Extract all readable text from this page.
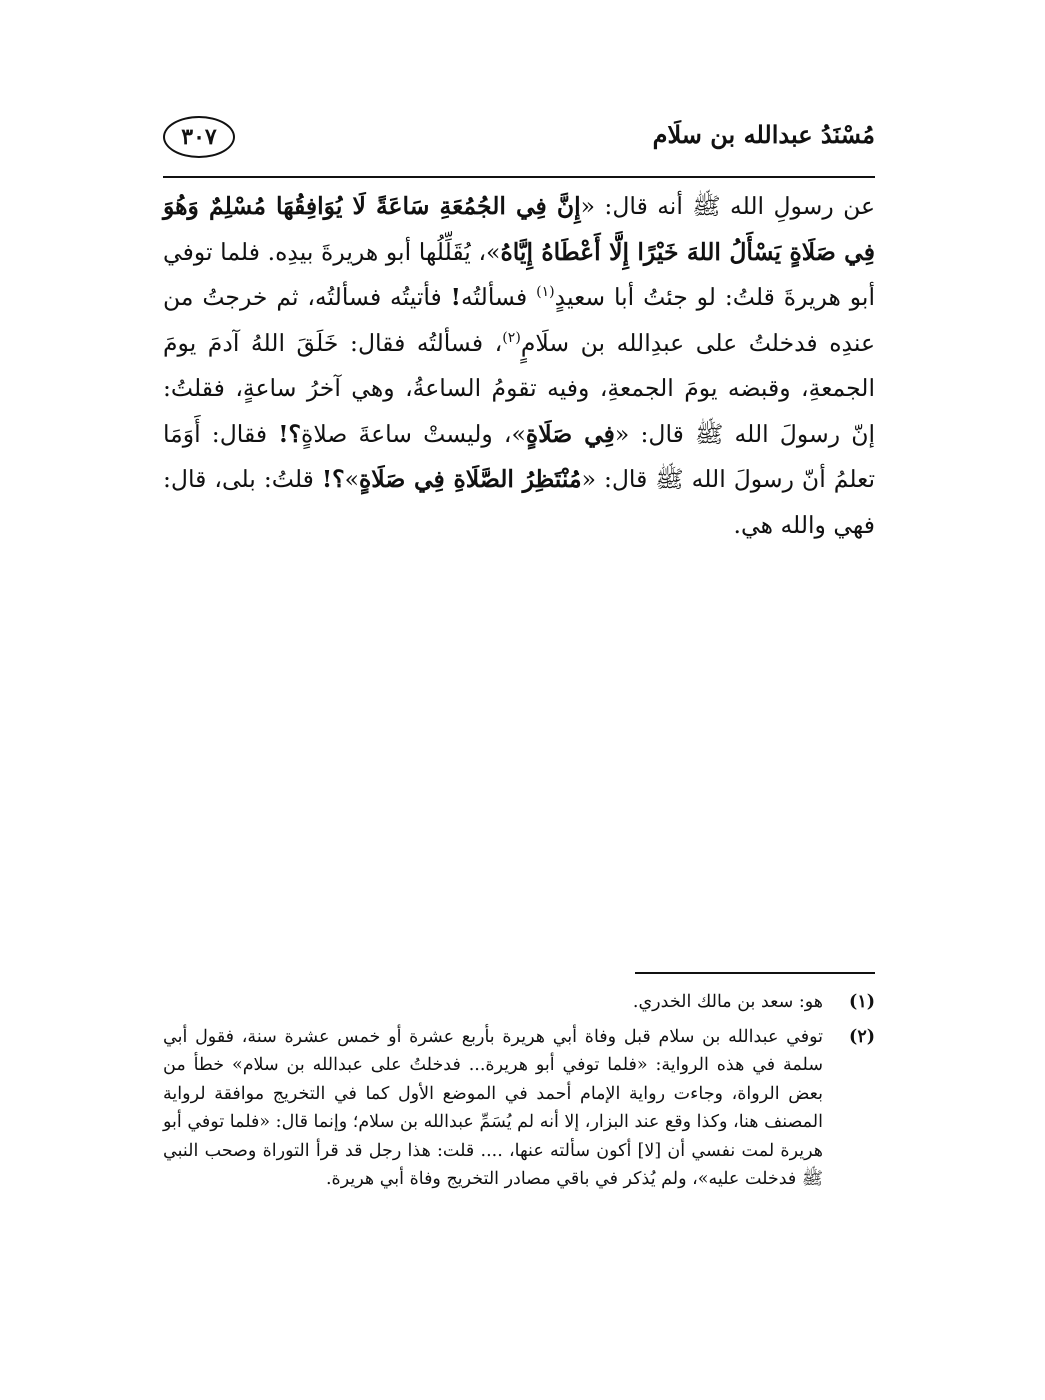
مُسْنَدُ عبدالله بن سلَام
٣٠٧

عن رسولِ الله ﷺ أنه قال: «إِنَّ فِي الجُمُعَةِ سَاعَةً لَا يُوَافِقُهَا مُسْلِمٌ وَهُوَ فِي صَلَاةٍ يَسْأَلُ اللهَ خَيْرًا إِلَّا أَعْطَاهُ إِيَّاهُ»، يُقَلِّلُها أبو هريرةَ بيدِه. فلما توفي أبو هريرةَ قلتُ: لو جئتُ أبا سعيدٍ$^{(١)}$ فسألتُه! فأتيتُه فسألتُه، ثم خرجتُ من عندِه فدخلتُ على عبدِالله بن سلَامٍ$^{(٢)}$، فسألتُه فقال: خَلَقَ اللهُ آدمَ يومَ الجمعةِ، وقبضه يومَ الجمعةِ، وفيه تقومُ الساعةُ، وهي آخرُ ساعةٍ، فقلتُ: إنّ رسولَ الله ﷺ قال: «فِي صَلَاةٍ»، وليستْ ساعةَ صلاةٍ؟! فقال: أَوَمَا تعلمُ أنّ رسولَ الله ﷺ قال: «مُنْتَظِرُ الصَّلَاةِ فِي صَلَاةٍ»؟! قلتُ: بلى، قال: فهي والله هي.

(١)
هو: سعد بن مالك الخدري.
(٢)
توفي عبدالله بن سلام قبل وفاة أبي هريرة بأربع عشرة أو خمس عشرة سنة، فقول أبي سلمة في هذه الرواية: «فلما توفي أبو هريرة... فدخلتُ على عبدالله بن سلام» خطأ من بعض الرواة، وجاءت رواية الإمام أحمد في الموضع الأول كما في التخريج موافقة لرواية المصنف هنا، وكذا وقع عند البزار، إلا أنه لم يُسَمِّ عبدالله بن سلام؛ وإنما قال: «فلما توفي أبو هريرة لمت نفسي أن [لا] أكون سألته عنها، .... قلت: هذا رجل قد قرأ التوراة وصحب النبي ﷺ فدخلت عليه»، ولم يُذكر في باقي مصادر التخريج وفاة أبي هريرة.
